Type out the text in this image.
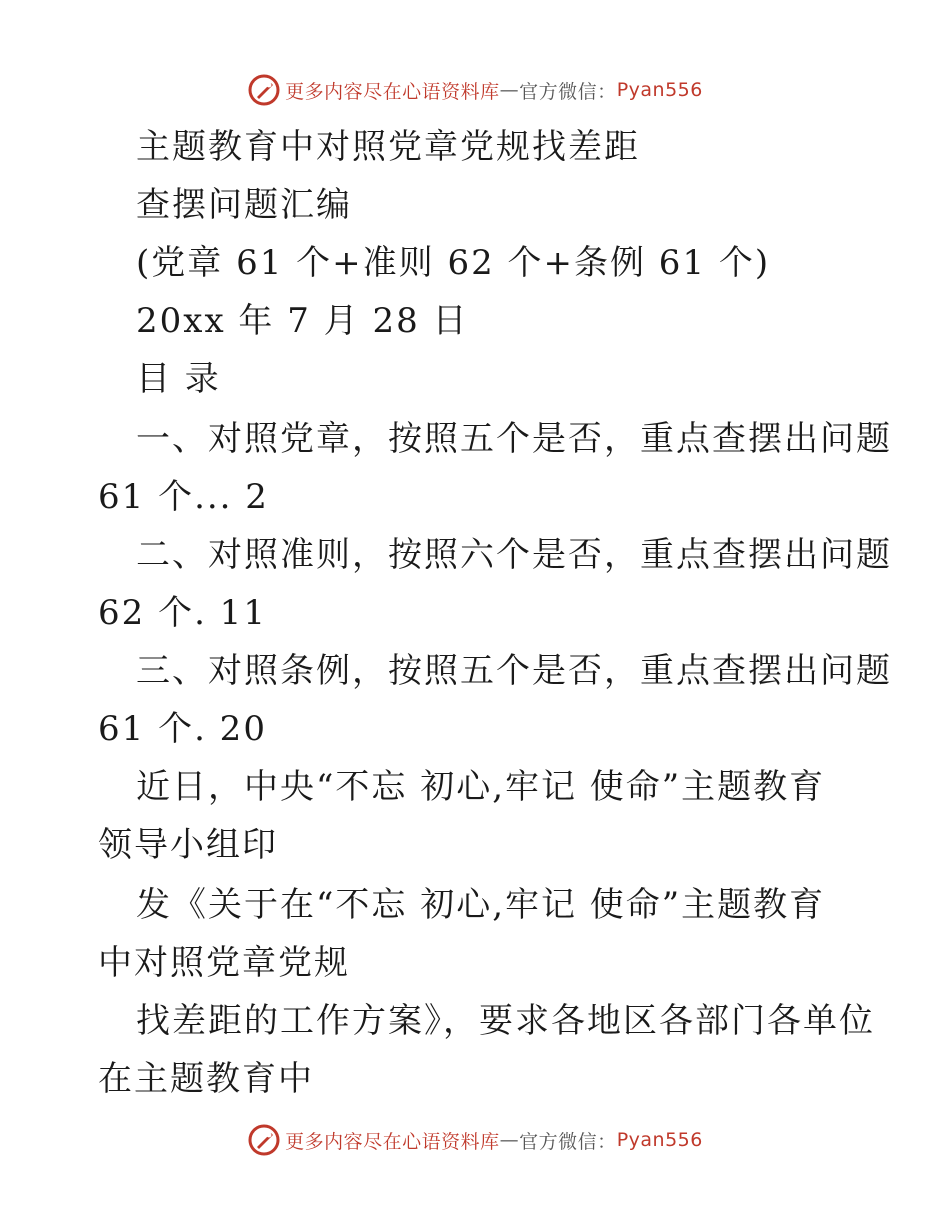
更多内容尽在心语资料库 — 官方微信： Pyan556
主题教育中对照党章党规找差距
查摆问题汇编
(党章 61 个+准则 62 个+条例 61 个)
20xx 年 7 月 28 日
目 录
一、对照党章，按照五个是否，重点查摆出问题
61 个... 2
二、对照准则，按照六个是否，重点查摆出问题
62 个. 11
三、对照条例，按照五个是否，重点查摆出问题
61 个. 20
近日，中央“不忘 初心,牢记 使命”主题教育
领导小组印
发《关于在“不忘 初心,牢记 使命”主题教育
中对照党章党规
找差距的工作方案》，要求各地区各部门各单位
在主题教育中
更多内容尽在心语资料库 — 官方微信： Pyan556
